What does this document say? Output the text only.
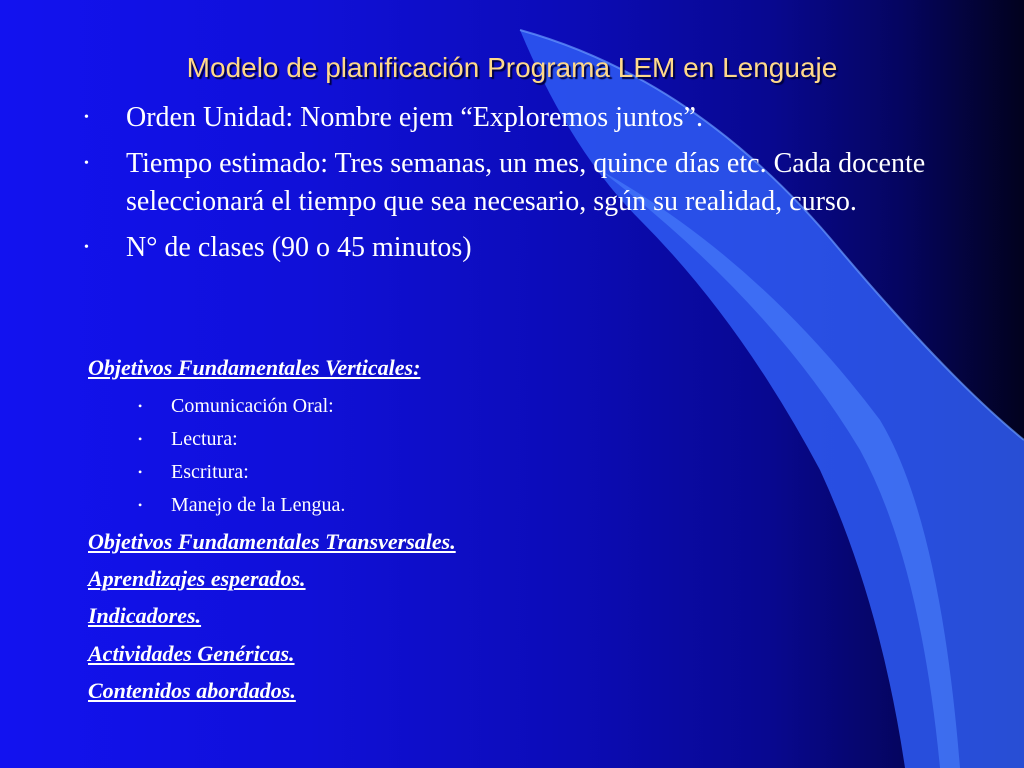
Modelo de planificación Programa LEM en Lenguaje
• Orden Unidad: Nombre ejem “Exploremos juntos”.
• Tiempo estimado: Tres semanas, un mes, quince días etc. Cada docente seleccionará el tiempo que sea necesario, sgún su realidad, curso.
• N° de clases (90 o 45 minutos)

Objetivos Fundamentales Verticales:

• Comunicación Oral:
• Lectura:
• Escritura:
• Manejo de la Lengua.

Objetivos Fundamentales Transversales.

Aprendizajes esperados.

Indicadores.

Actividades Genéricas.

Contenidos abordados.
